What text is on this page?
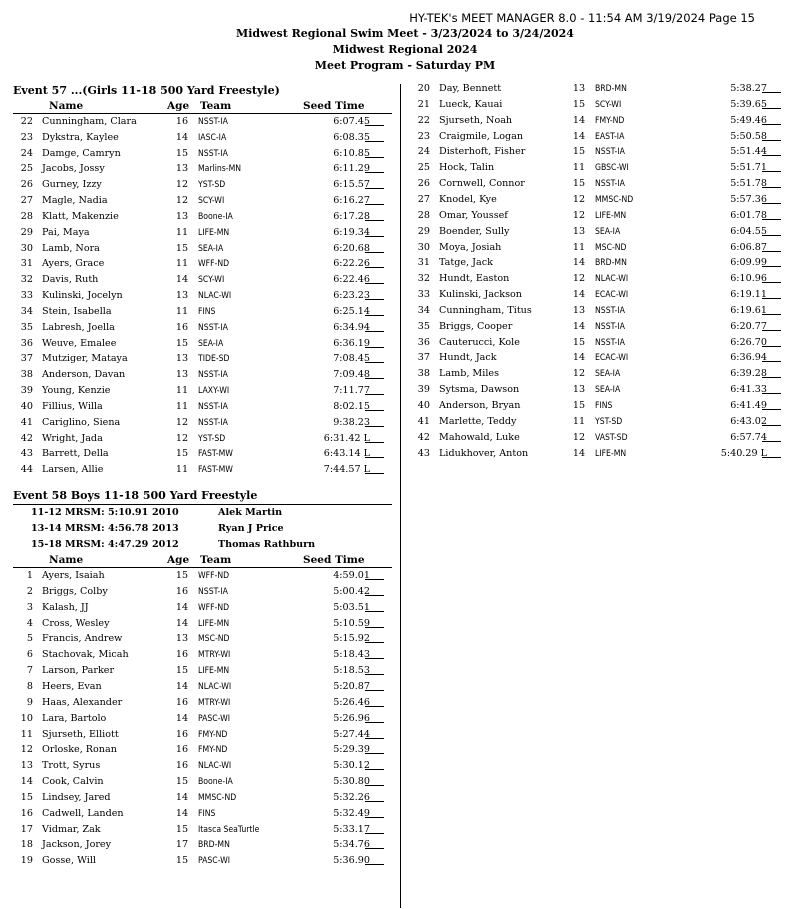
HY-TEK's MEET MANAGER 8.0 - 11:54 AM 3/19/2024 Page 15
Midwest Regional Swim Meet - 3/23/2024 to 3/24/2024
Midwest Regional 2024
Meet Program - Saturday PM
Event 57 ...(Girls 11-18 500 Yard Freestyle)
Name	Age Team	Seed Time
22 Cunningham, Clara	16	NSST-IA	6:07.45
23 Dykstra, Kaylee	14	IASC-IA	6:08.35
24 Damge, Camryn	15	NSST-IA	6:10.85
25 Jacobs, Jossy	13	Marlins-MN	6:11.29
26 Gurney, Izzy	12	YST-SD	6:15.57
27 Magle, Nadia	12	SCY-WI	6:16.27
28 Klatt, Makenzie	13	Boone-IA	6:17.28
29 Pai, Maya	11	LIFE-MN	6:19.34
30 Lamb, Nora	15	SEA-IA	6:20.68
31 Ayers, Grace	11	WFF-ND	6:22.26
32 Davis, Ruth	14	SCY-WI	6:22.46
33 Kulinski, Jocelyn	13	NLAC-WI	6:23.23
34 Stein, Isabella	11	FINS	6:25.14
35 Labresh, Joella	16	NSST-IA	6:34.94
36 Weuve, Emalee	15	SEA-IA	6:36.19
37 Mutziger, Mataya	13	TIDE-SD	7:08.45
38 Anderson, Davan	13	NSST-IA	7:09.48
39 Young, Kenzie	11	LAXY-WI	7:11.77
40 Fillius, Willa	11	NSST-IA	8:02.15
41 Cariglino, Siena	12	NSST-IA	9:38.23
42 Wright, Jada	12	YST-SD	6:31.42 L
43 Barrett, Della	15	FAST-MW	6:43.14 L
44 Larsen, Allie	11	FAST-MW	7:44.57 L
Event 58 Boys 11-18 500 Yard Freestyle
11-12 MRSM: 5:10.91 2010	Alek Martin
13-14 MRSM: 4:56.78 2013	Ryan J Price
15-18 MRSM: 4:47.29 2012	Thomas Rathburn
Name	Age Team	Seed Time
1 Ayers, Isaiah	15	WFF-ND	4:59.01
2 Briggs, Colby	16	NSST-IA	5:00.42
3 Kalash, JJ	14	WFF-ND	5:03.51
4 Cross, Wesley	14	LIFE-MN	5:10.59
5 Francis, Andrew	13	MSC-ND	5:15.92
6 Stachovak, Micah	16	MTRY-WI	5:18.43
7 Larson, Parker	15	LIFE-MN	5:18.53
8 Heers, Evan	14	NLAC-WI	5:20.87
9 Haas, Alexander	16	MTRY-WI	5:26.46
10 Lara, Bartolo	14	PASC-WI	5:26.96
11 Sjurseth, Elliott	16	FMY-ND	5:27.44
12 Orloske, Ronan	16	FMY-ND	5:29.39
13 Trott, Syrus	16	NLAC-WI	5:30.12
14 Cook, Calvin	15	Boone-IA	5:30.80
15 Lindsey, Jared	14	MMSC-ND	5:32.26
16 Cadwell, Landen	14	FINS	5:32.49
17 Vidmar, Zak	15	Itasca SeaTurtle	5:33.17
18 Jackson, Jorey	17	BRD-MN	5:34.76
19 Gosse, Will	15	PASC-WI	5:36.90
20 Day, Bennett	13	BRD-MN	5:38.27
21 Lueck, Kauai	15	SCY-WI	5:39.65
22 Sjurseth, Noah	14	FMY-ND	5:49.46
23 Craigmile, Logan	14	EAST-IA	5:50.58
24 Disterhoft, Fisher	15	NSST-IA	5:51.44
25 Hock, Talin	11	GBSC-WI	5:51.71
26 Cornwell, Connor	15	NSST-IA	5:51.78
27 Knodel, Kye	12	MMSC-ND	5:57.36
28 Omar, Youssef	12	LIFE-MN	6:01.78
29 Boender, Sully	13	SEA-IA	6:04.55
30 Moya, Josiah	11	MSC-ND	6:06.87
31 Tatge, Jack	14	BRD-MN	6:09.99
32 Hundt, Easton	12	NLAC-WI	6:10.96
33 Kulinski, Jackson	14	ECAC-WI	6:19.11
34 Cunningham, Titus	13	NSST-IA	6:19.61
35 Briggs, Cooper	14	NSST-IA	6:20.77
36 Cauterucci, Kole	15	NSST-IA	6:26.70
37 Hundt, Jack	14	ECAC-WI	6:36.94
38 Lamb, Miles	12	SEA-IA	6:39.28
39 Sytsma, Dawson	13	SEA-IA	6:41.33
40 Anderson, Bryan	15	FINS	6:41.49
41 Marlette, Teddy	11	YST-SD	6:43.02
42 Mahowald, Luke	12	VAST-SD	6:57.74
43 Lidukhover, Anton	14	LIFE-MN	5:40.29 L
